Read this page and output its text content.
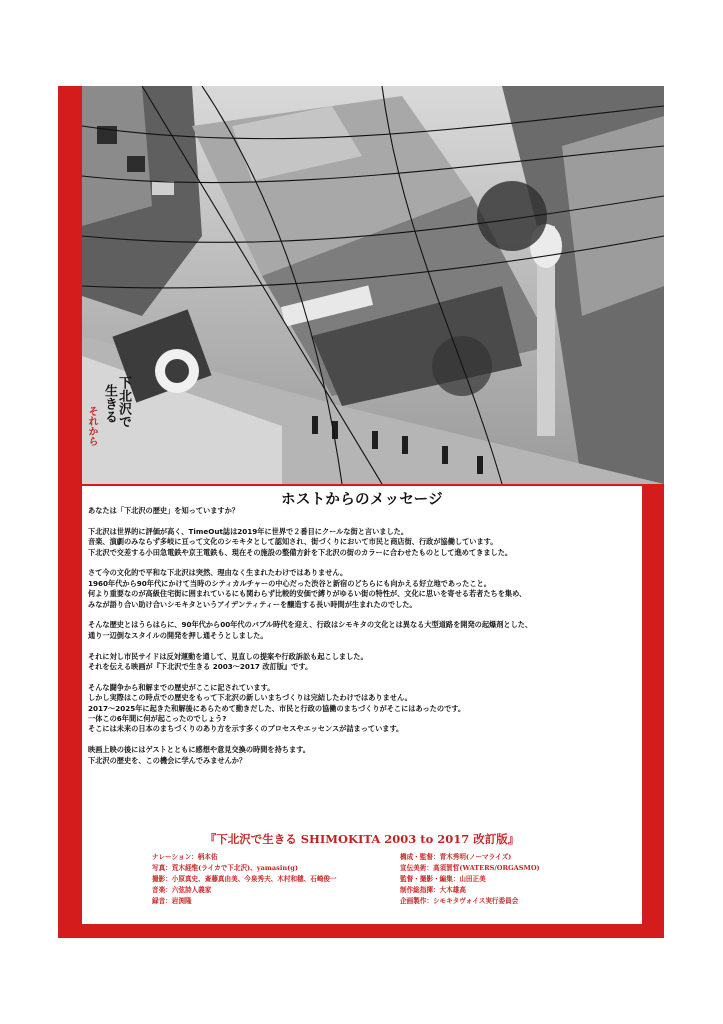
下北沢で
生きる
それから
ホストからのメッセージ

あなたは「下北沢の歴史」を知っていますか？

下北沢は世界的に評価が高く、TimeOut誌は2019年に世界で２番目にクールな街と言いました。
音楽、演劇のみならず多岐に亘って文化のシモキタとして認知され、街づくりにおいて市民と商店街、行政が協働しています。
下北沢で交差する小田急電鉄や京王電鉄も、現在その施設の整備方針を下北沢の街のカラーに合わせたものとして進めてきました。

さて今の文化的で平和な下北沢は突然、理由なく生まれたわけではありません。
1960年代から90年代にかけて当時のシティカルチャーの中心だった渋谷と新宿のどちらにも向かえる好立地であったこと。
何より重要なのが高級住宅街に囲まれているにも関わらず比較的安価で縛りがゆるい街の特性が、文化に思いを寄せる若者たちを集め、
みなが語り合い助け合いシモキタというアイデンティティーを醸造する長い時間が生まれたのでした。

そんな歴史とはうらはらに、90年代から00年代のバブル時代を迎え、行政はシモキタの文化とは異なる大型道路を開発の起爆剤とした、
通り一辺倒なスタイルの開発を押し通そうとしました。

それに対し市民サイドは反対運動を通して、見直しの提案や行政訴訟も起こしました。
それを伝える映画が『下北沢で生きる 2003〜2017 改訂版』です。

そんな闘争から和解までの歴史がここに記されています。
しかし実際はこの時点での歴史をもって下北沢の新しいまちづくりは完結したわけではありません。
2017～2025年に起きた和解後にあらためて動きだした、市民と行政の協働のまちづくりがそこにはあったのです。
一体この6年間に何が起こったのでしょう?
そこには未来の日本のまちづくりのあり方を示す多くのプロセスやエッセンスが詰まっています。

映画上映の後にはゲストとともに感想や意見交換の時間を持ちます。
下北沢の歴史を、この機会に学んでみませんか？

『下北沢で生きる SHIMOKITA 2003 to 2017 改訂版』
ナレーション：柄本佑
写真：荒木経惟(ライカで下北沢)、yamasin(g)
撮影：小原真史、斎藤真由美、今泉秀夫、木村和穂、石崎俊一
音楽：六弦詩人義家
録音：岩渕隆
構成・監督：青木秀明(ノーマライズ)
宣伝美術：高須賀哲(WATERS/ORGASMO)
監督・撮影・編集：山田正美
制作総指揮：大木雄高
企画製作：シモキタヴォイス実行委員会
